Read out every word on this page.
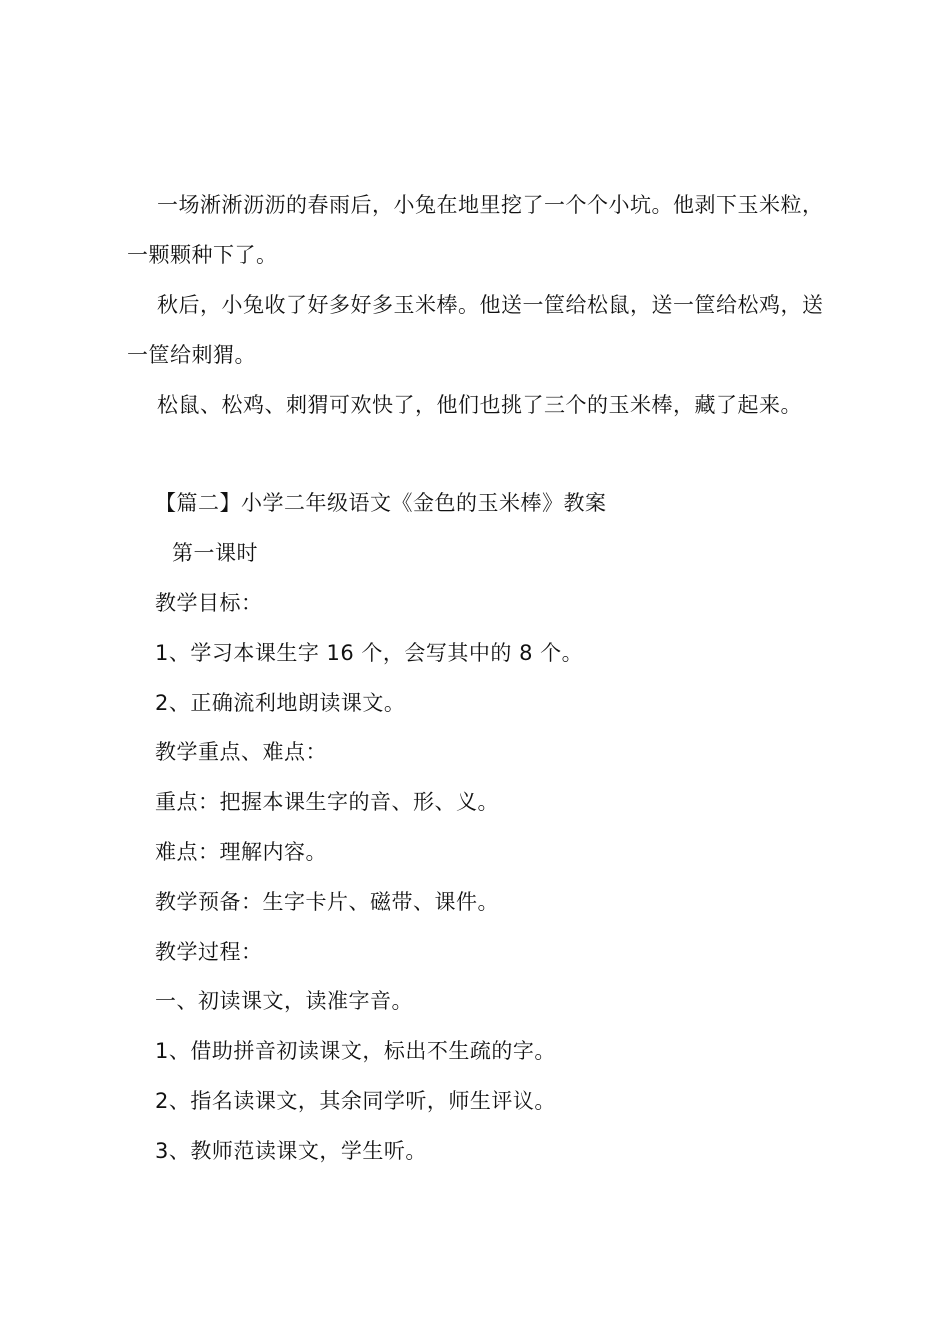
一场淅淅沥沥的春雨后，小兔在地里挖了一个个小坑。他剥下玉米粒，一颗颗种下了。

秋后，小兔收了好多好多玉米棒。他送一筐给松鼠，送一筐给松鸡，送一筐给刺猬。

松鼠、松鸡、刺猬可欢快了，他们也挑了三个的玉米棒，藏了起来。

【篇二】小学二年级语文《金色的玉米棒》教案

第一课时

教学目标：

1、学习本课生字 16 个，会写其中的 8 个。

2、正确流利地朗读课文。

教学重点、难点：

重点：把握本课生字的音、形、义。

难点：理解内容。

教学预备：生字卡片、磁带、课件。

教学过程：

一、初读课文，读准字音。

1、借助拼音初读课文，标出不生疏的字。

2、指名读课文，其余同学听，师生评议。

3、教师范读课文，学生听。
